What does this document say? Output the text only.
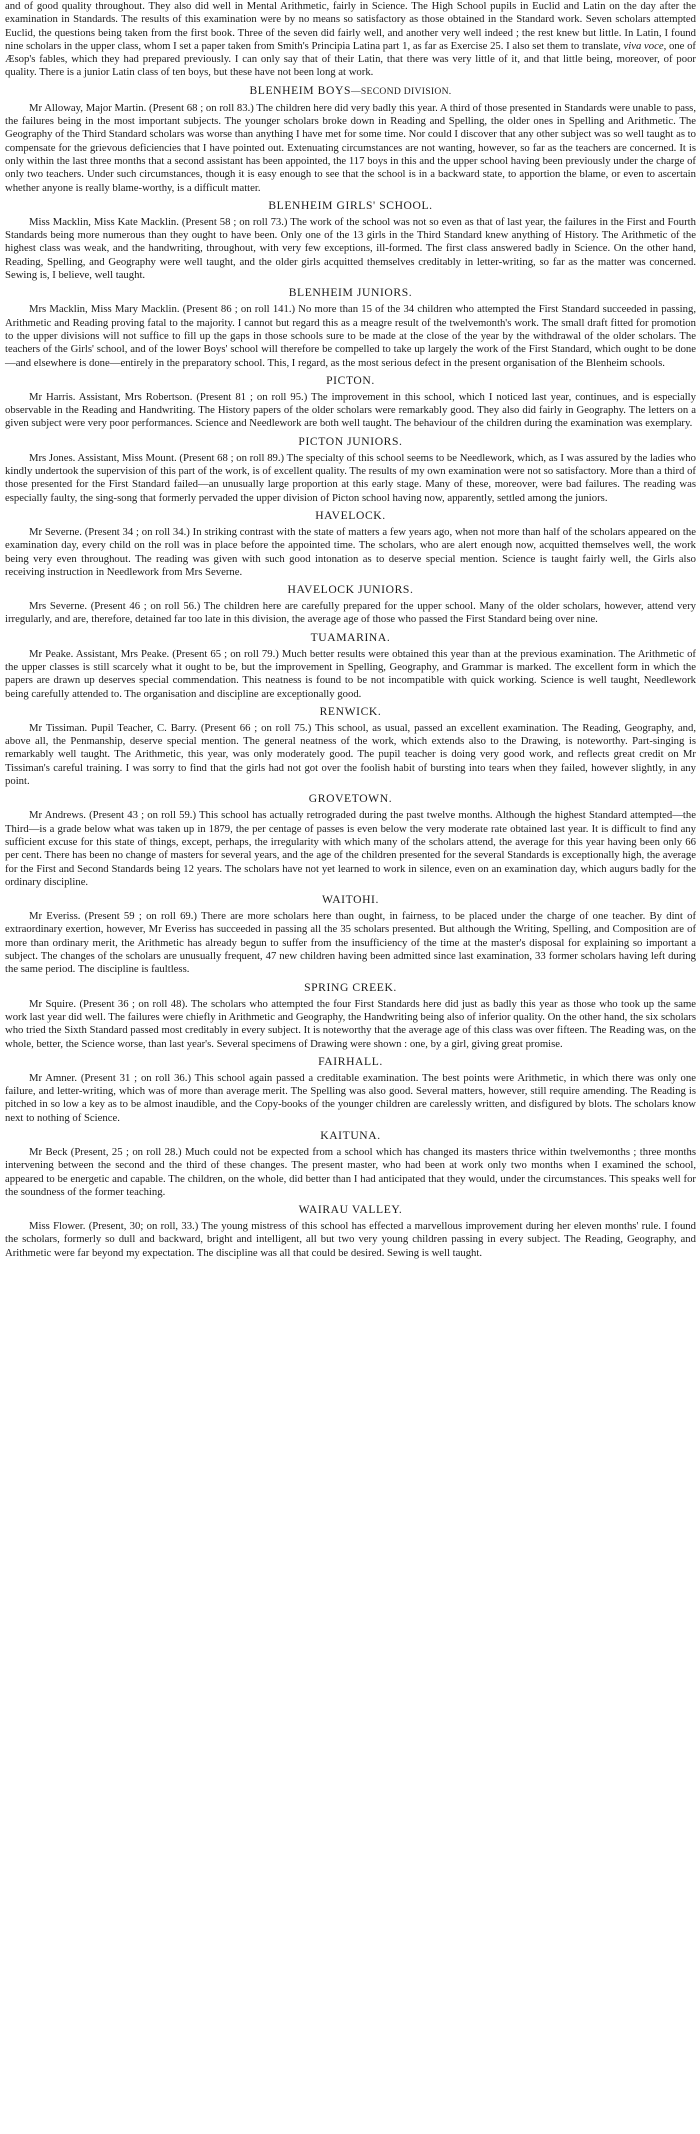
and of good quality throughout. They also did well in Mental Arithmetic, fairly in Science. The High School pupils in Euclid and Latin on the day after the examination in Standards. The results of this examination were by no means so satisfactory as those obtained in the Standard work. Seven scholars attempted Euclid, the questions being taken from the first book. Three of the seven did fairly well, and another very well indeed ; the rest knew but little. In Latin, I found nine scholars in the upper class, whom I set a paper taken from Smith's Principia Latina part 1, as far as Exercise 25. I also set them to translate, viva voce, one of Æsop's fables, which they had prepared previously. I can only say that of their Latin, that there was very little of it, and that little being, moreover, of poor quality. There is a junior Latin class of ten boys, but these have not been long at work.

BLENHEIM BOYS—SECOND DIVISION.

Mr Alloway, Major Martin. (Present 68 ; on roll 83.) The children here did very badly this year. A third of those presented in Standards were unable to pass, the failures being in the most important subjects. The younger scholars broke down in Reading and Spelling, the older ones in Spelling and Arithmetic. The Geography of the Third Standard scholars was worse than anything I have met for some time. Nor could I discover that any other subject was so well taught as to compensate for the grievous deficiencies that I have pointed out. Extenuating circumstances are not wanting, however, so far as the teachers are concerned. It is only within the last three months that a second assistant has been appointed, the 117 boys in this and the upper school having been previously under the charge of only two teachers. Under such circumstances, though it is easy enough to see that the school is in a backward state, to apportion the blame, or even to ascertain whether anyone is really blame-worthy, is a difficult matter.

BLENHEIM GIRLS' SCHOOL.

Miss Macklin, Miss Kate Macklin. (Present 58 ; on roll 73.) The work of the school was not so even as that of last year, the failures in the First and Fourth Standards being more numerous than they ought to have been. Only one of the 13 girls in the Third Standard knew anything of History. The Arithmetic of the highest class was weak, and the handwriting, throughout, with very few exceptions, ill-formed. The first class answered badly in Science. On the other hand, Reading, Spelling, and Geography were well taught, and the older girls acquitted themselves creditably in letter-writing, so far as the matter was concerned. Sewing is, I believe, well taught.

BLENHEIM JUNIORS.

Mrs Macklin, Miss Mary Macklin. (Present 86 ; on roll 141.) No more than 15 of the 34 children who attempted the First Standard succeeded in passing, Arithmetic and Reading proving fatal to the majority. I cannot but regard this as a meagre result of the twelvemonth's work. The small draft fitted for promotion to the upper divisions will not suffice to fill up the gaps in those schools sure to be made at the close of the year by the withdrawal of the older scholars. The teachers of the Girls' school, and of the lower Boys' school will therefore be compelled to take up largely the work of the First Standard, which ought to be done—and elsewhere is done—entirely in the preparatory school. This, I regard, as the most serious defect in the present organisation of the Blenheim schools.

PICTON.

Mr Harris. Assistant, Mrs Robertson. (Present 81 ; on roll 95.) The improvement in this school, which I noticed last year, continues, and is especially observable in the Reading and Handwriting. The History papers of the older scholars were remarkably good. They also did fairly in Geography. The letters on a given subject were very poor performances. Science and Needlework are both well taught. The behaviour of the children during the examination was exemplary.

PICTON JUNIORS.

Mrs Jones. Assistant, Miss Mount. (Present 68 ; on roll 89.) The specialty of this school seems to be Needlework, which, as I was assured by the ladies who kindly undertook the supervision of this part of the work, is of excellent quality. The results of my own examination were not so satisfactory. More than a third of those presented for the First Standard failed—an unusually large proportion at this early stage. Many of these, moreover, were bad failures. The reading was especially faulty, the sing-song that formerly pervaded the upper division of Picton school having now, apparently, settled among the juniors.

HAVELOCK.

Mr Severne. (Present 34 ; on roll 34.) In striking contrast with the state of matters a few years ago, when not more than half of the scholars appeared on the examination day, every child on the roll was in place before the appointed time. The scholars, who are alert enough now, acquitted themselves well, the work being very even throughout. The reading was given with such good intonation as to deserve special mention. Science is taught fairly well, the Girls also receiving instruction in Needlework from Mrs Severne.

HAVELOCK JUNIORS.

Mrs Severne. (Present 46 ; on roll 56.) The children here are carefully prepared for the upper school. Many of the older scholars, however, attend very irregularly, and are, therefore, detained far too late in this division, the average age of those who passed the First Standard being over nine.

TUAMARINA.

Mr Peake. Assistant, Mrs Peake. (Present 65 ; on roll 79.) Much better results were obtained this year than at the previous examination. The Arithmetic of the upper classes is still scarcely what it ought to be, but the improvement in Spelling, Geography, and Grammar is marked. The excellent form in which the papers are drawn up deserves special commendation. This neatness is found to be not incompatible with quick working. Science is well taught, Needlework being carefully attended to. The organisation and discipline are exceptionally good.

RENWICK.

Mr Tissiman. Pupil Teacher, C. Barry. (Present 66 ; on roll 75.) This school, as usual, passed an excellent examination. The Reading, Geography, and, above all, the Penmanship, deserve special mention. The general neatness of the work, which extends also to the Drawing, is noteworthy. Part-singing is remarkably well taught. The Arithmetic, this year, was only moderately good. The pupil teacher is doing very good work, and reflects great credit on Mr Tissiman's careful training. I was sorry to find that the girls had not got over the foolish habit of bursting into tears when they failed, however slightly, in any point.

GROVETOWN.

Mr Andrews. (Present 43 ; on roll 59.) This school has actually retrograded during the past twelve months. Although the highest Standard attempted—the Third—is a grade below what was taken up in 1879, the per centage of passes is even below the very moderate rate obtained last year. It is difficult to find any sufficient excuse for this state of things, except, perhaps, the irregularity with which many of the scholars attend, the average for this year having been only 66 per cent. There has been no change of masters for several years, and the age of the children presented for the several Standards is exceptionally high, the average for the First and Second Standards being 12 years. The scholars have not yet learned to work in silence, even on an examination day, which augurs badly for the ordinary discipline.

WAITOHI.

Mr Everiss. (Present 59 ; on roll 69.) There are more scholars here than ought, in fairness, to be placed under the charge of one teacher. By dint of extraordinary exertion, however, Mr Everiss has succeeded in passing all the 35 scholars presented. But although the Writing, Spelling, and Composition are of more than ordinary merit, the Arithmetic has already begun to suffer from the insufficiency of the time at the master's disposal for explaining so important a subject. The changes of the scholars are unusually frequent, 47 new children having been admitted since last examination, 33 former scholars having left during the same period. The discipline is faultless.

SPRING CREEK.

Mr Squire. (Present 36 ; on roll 48). The scholars who attempted the four First Standards here did just as badly this year as those who took up the same work last year did well. The failures were chiefly in Arithmetic and Geography, the Handwriting being also of inferior quality. On the other hand, the six scholars who tried the Sixth Standard passed most creditably in every subject. It is noteworthy that the average age of this class was over fifteen. The Reading was, on the whole, better, the Science worse, than last year's. Several specimens of Drawing were shown : one, by a girl, giving great promise.

FAIRHALL.

Mr Amner. (Present 31 ; on roll 36.) This school again passed a creditable examination. The best points were Arithmetic, in which there was only one failure, and letter-writing, which was of more than average merit. The Spelling was also good. Several matters, however, still require amending. The Reading is pitched in so low a key as to be almost inaudible, and the Copy-books of the younger children are carelessly written, and disfigured by blots. The scholars know next to nothing of Science.

KAITUNA.

Mr Beck (Present, 25 ; on roll 28.) Much could not be expected from a school which has changed its masters thrice within twelvemonths ; three months intervening between the second and the third of these changes. The present master, who had been at work only two months when I examined the school, appeared to be energetic and capable. The children, on the whole, did better than I had anticipated that they would, under the circumstances. This speaks well for the soundness of the former teaching.

WAIRAU VALLEY.

Miss Flower. (Present, 30; on roll, 33.) The young mistress of this school has effected a marvellous improvement during her eleven months' rule. I found the scholars, formerly so dull and backward, bright and intelligent, all but two very young children passing in every subject. The Reading, Geography, and Arithmetic were far beyond my expectation. The discipline was all that could be desired. Sewing is well taught.
